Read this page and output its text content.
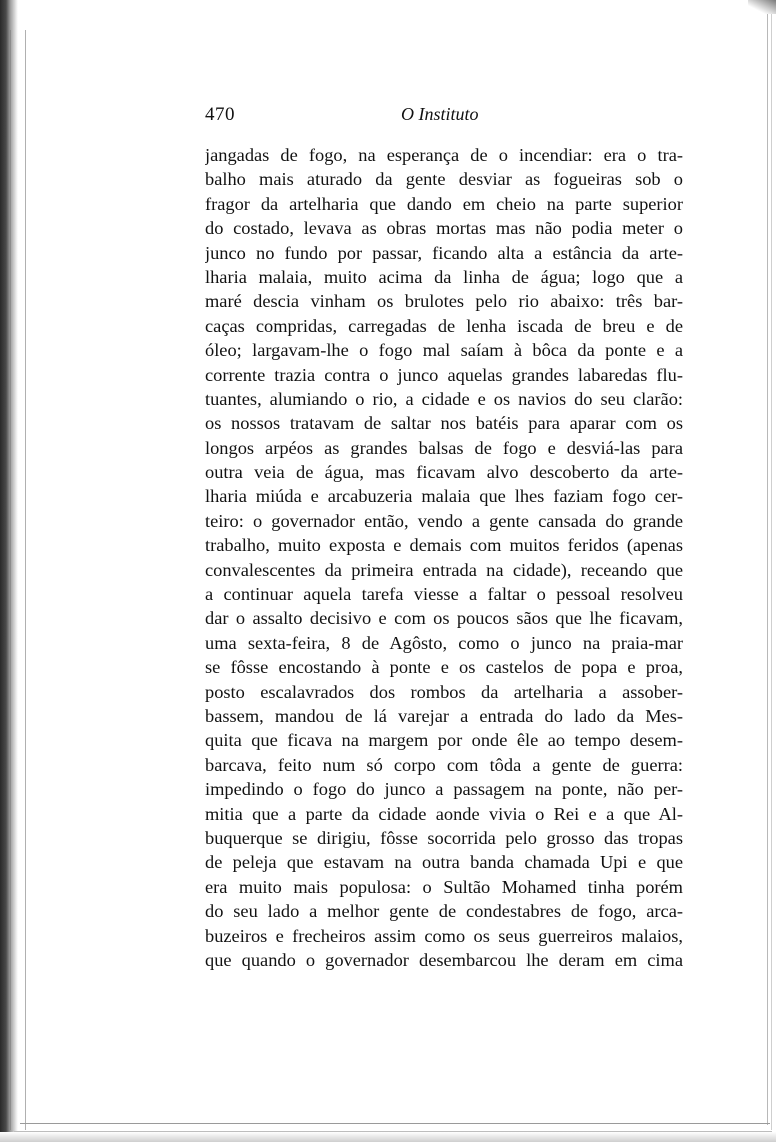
470	O Instituto
jangadas de fogo, na esperança de o incendiar: era o tra-
balho mais aturado da gente desviar as fogueiras sob o
fragor da artelharia que dando em cheio na parte superior
do costado, levava as obras mortas mas não podia meter o
junco no fundo por passar, ficando alta a estância da arte-
lharia malaia, muito acima da linha de água; logo que a
maré descia vinham os brulotes pelo rio abaixo: três bar-
caças compridas, carregadas de lenha iscada de breu e de
óleo; largavam-lhe o fogo mal saíam à bôca da ponte e a
corrente trazia contra o junco aquelas grandes labaredas flu-
tuantes, alumiando o rio, a cidade e os navios do seu clarão:
os nossos tratavam de saltar nos batéis para aparar com os
longos arpéos as grandes balsas de fogo e desviá-las para
outra veia de água, mas ficavam alvo descoberto da arte-
lharia miúda e arcabuzeria malaia que lhes faziam fogo cer-
teiro: o governador então, vendo a gente cansada do grande
trabalho, muito exposta e demais com muitos feridos (apenas
convalescentes da primeira entrada na cidade), receando que
a continuar aquela tarefa viesse a faltar o pessoal resolveu
dar o assalto decisivo e com os poucos sãos que lhe ficavam,
uma sexta-feira, 8 de Agôsto, como o junco na praia-mar
se fôsse encostando à ponte e os castelos de popa e proa,
posto escalavrados dos rombos da artelharia a assober-
bassem, mandou de lá varejar a entrada do lado da Mes-
quita que ficava na margem por onde êle ao tempo desem-
barcava, feito num só corpo com tôda a gente de guerra:
impedindo o fogo do junco a passagem na ponte, não per-
mitia que a parte da cidade aonde vivia o Rei e a que Al-
buquerque se dirigiu, fôsse socorrida pelo grosso das tropas
de peleja que estavam na outra banda chamada Upi e que
era muito mais populosa: o Sultão Mohamed tinha porém
do seu lado a melhor gente de condestabres de fogo, arca-
buzeiros e frecheiros assim como os seus guerreiros malaios,
que quando o governador desembarcou lhe deram em cima
